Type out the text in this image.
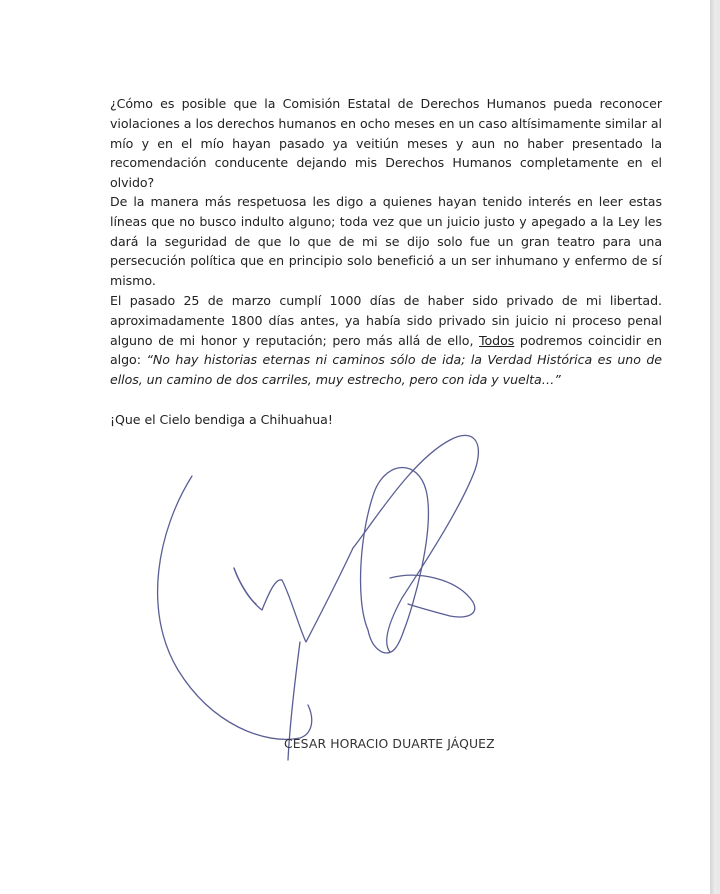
¿Cómo es posible que la Comisión Estatal de Derechos Humanos pueda reconocer violaciones a los derechos humanos en ocho meses en un caso altísimamente similar al mío y en el mío hayan pasado ya veitiún meses y aun no haber presentado la recomendación conducente dejando mis Derechos Humanos completamente en el olvido?

De la manera más respetuosa les digo a quienes hayan tenido interés en leer estas líneas que no busco indulto alguno; toda vez que un juicio justo y apegado a la Ley les dará la seguridad de que lo que de mi se dijo solo fue un gran teatro para una persecución política que en principio solo benefició a un ser inhumano y enfermo de sí mismo.

El pasado 25 de marzo cumplí 1000 días de haber sido privado de mi libertad. aproximadamente 1800 días antes, ya había sido privado sin juicio ni proceso penal alguno de mi honor y reputación; pero más allá de ello, Todos podremos coincidir en algo: “No hay historias eternas ni caminos sólo de ida; la Verdad Histórica es uno de ellos, un camino de dos carriles, muy estrecho, pero con ida y vuelta…”

¡Que el Cielo bendiga a Chihuahua!

CESAR HORACIO DUARTE JÁQUEZ
